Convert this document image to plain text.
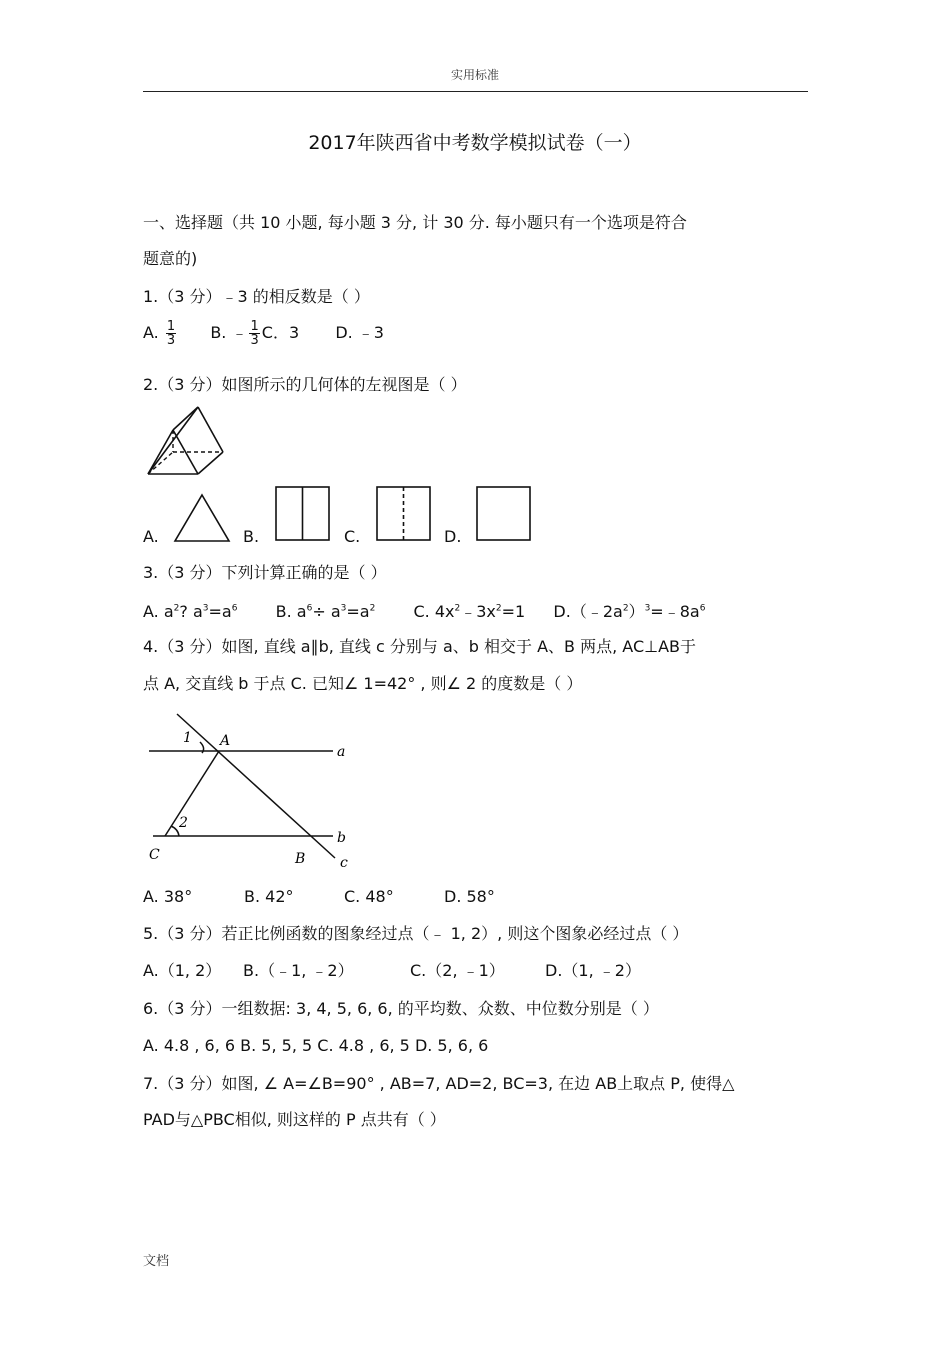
实用标准
2017年陕西省中考数学模拟试卷（一）
一、选择题（共 10 小题, 每小题 3 分, 计 30 分. 每小题只有一个选项是符合
题意的)
1.（3 分）﹣3 的相反数是（ ）
A. $\frac{1}{3} B$. ﹣ $\frac{1}{3}$ C．3 D. ﹣3
2.（3 分）如图所示的几何体的左视图是（ ）
A.	B.	C.	D.
3.（3 分）下列计算正确的是（ ）
A. $a^2$? $a^3=a^6$ B. $a^6\div a^3=a^2$ C. $4x^2﹣3x^2=1$ $D.(﹣2a^2)^3=﹣8a^6$
4.（3 分）如图, 直线 a∥b, 直线 c 分别与 a、b 相交于 A、B 两点, AC⊥AB于
点 A, 交直线 b 于点 C. 已知∠ 1=42° , 则∠ 2 的度数是（ ）
1 A
a
2
b
C	B c
A. 38°	B. 42°	C. 48°	D. 58°
5.（3 分）若正比例函数的图象经过点（﹣ 1, 2）, 则这个图象必经过点（ ）
A.（1, 2） B.（﹣1, ﹣2）	C.（2, ﹣1）	D.（1, ﹣2）
6.（3 分）一组数据: 3, 4, 5, 6, 6, 的平均数、众数、中位数分别是（ ）
A. 4.8 , 6, 6 B. 5, 5, 5 C. 4.8 , 6, 5 D. 5, 6, 6
7.（3 分）如图, ∠ A=∠B=90° , AB=7, AD=2, BC=3, 在边 AB上取点 P, 使得△
PAD与△PBC相似, 则这样的 P 点共有（ ）
文档
